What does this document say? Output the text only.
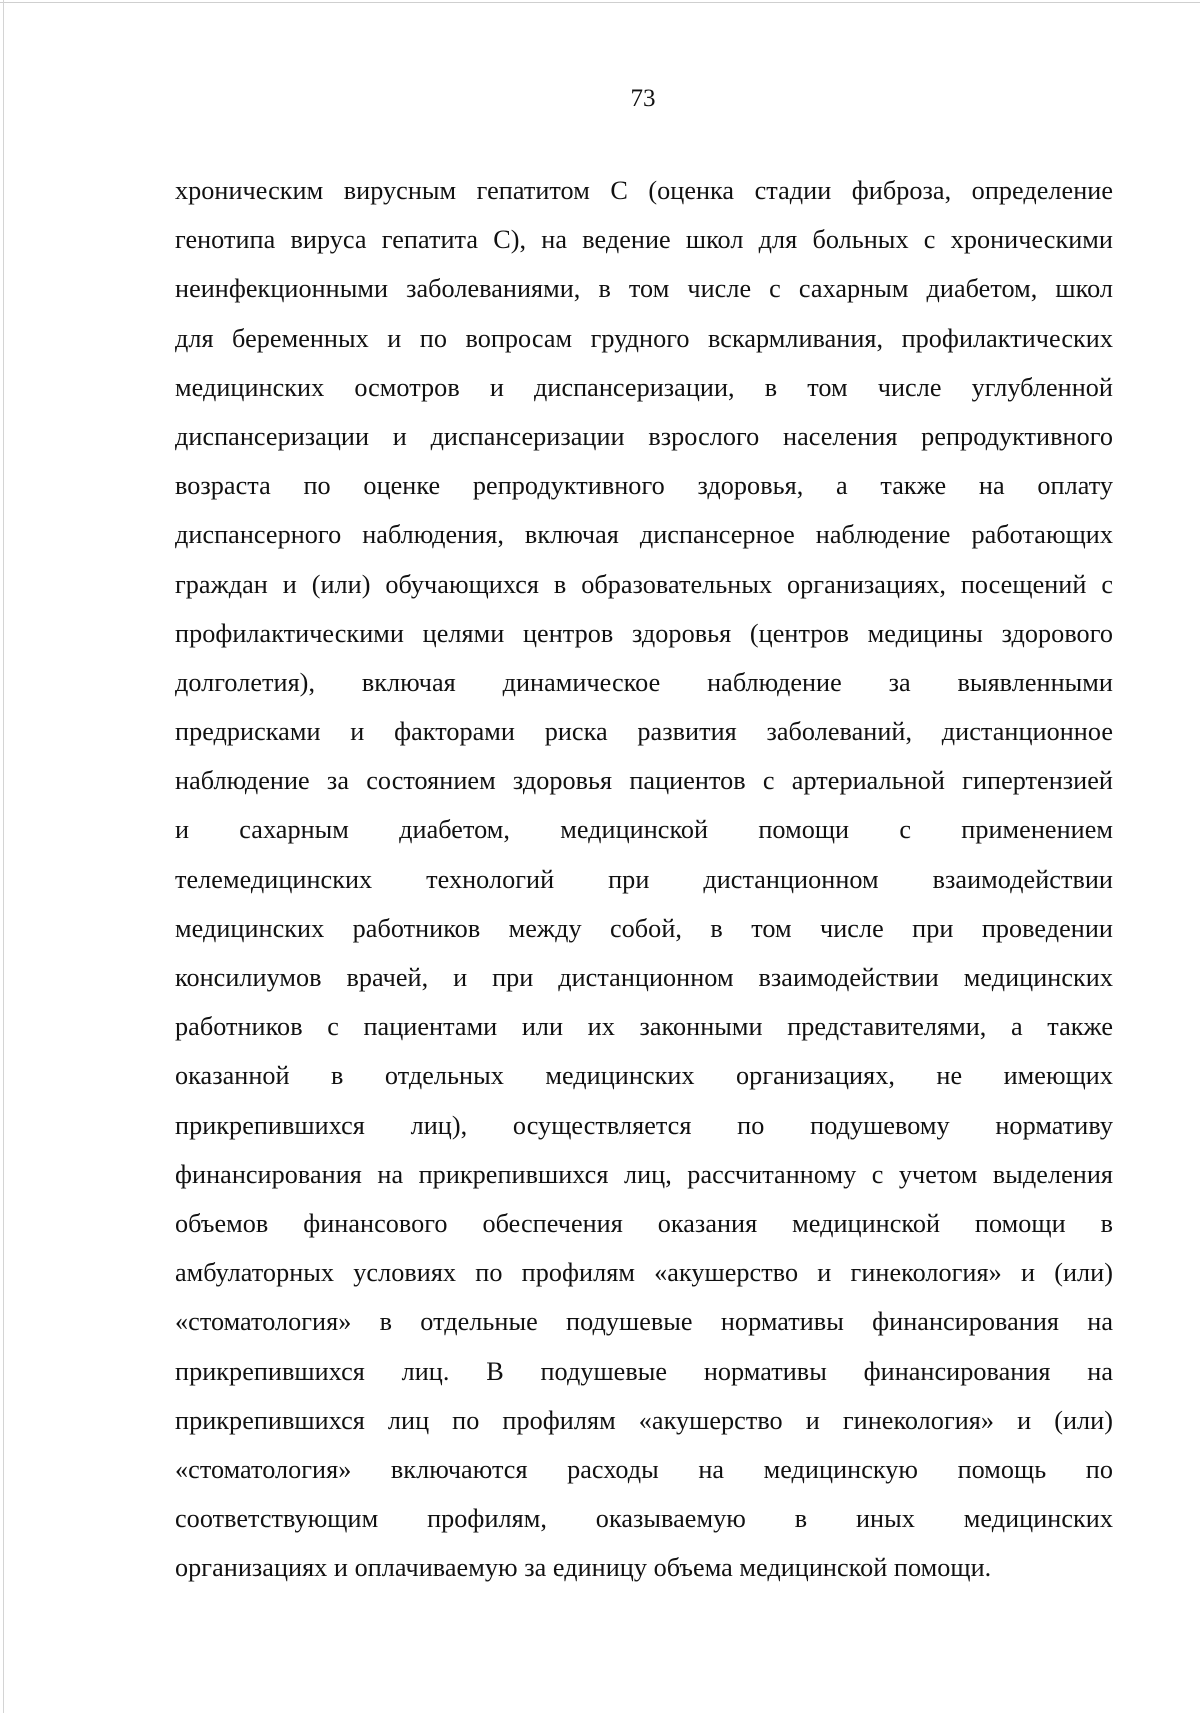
73

хроническим вирусным гепатитом С (оценка стадии фиброза, определение
генотипа вируса гепатита С), на ведение школ для больных с хроническими
неинфекционными заболеваниями, в том числе с сахарным диабетом, школ
для беременных и по вопросам грудного вскармливания, профилактических
медицинских осмотров и диспансеризации, в том числе углубленной
диспансеризации и диспансеризации взрослого населения репродуктивного
возраста по оценке репродуктивного здоровья, а также на оплату
диспансерного наблюдения, включая диспансерное наблюдение работающих
граждан и (или) обучающихся в образовательных организациях, посещений с
профилактическими целями центров здоровья (центров медицины здорового
долголетия), включая динамическое наблюдение за выявленными
предрисками и факторами риска развития заболеваний, дистанционное
наблюдение за состоянием здоровья пациентов с артериальной гипертензией
и сахарным диабетом, медицинской помощи с применением
телемедицинских технологий при дистанционном взаимодействии
медицинских работников между собой, в том числе при проведении
консилиумов врачей, и при дистанционном взаимодействии медицинских
работников с пациентами или их законными представителями, а также
оказанной в отдельных медицинских организациях, не имеющих
прикрепившихся лиц), осуществляется по подушевому нормативу
финансирования на прикрепившихся лиц, рассчитанному с учетом выделения
объемов финансового обеспечения оказания медицинской помощи в
амбулаторных условиях по профилям «акушерство и гинекология» и (или)
«стоматология» в отдельные подушевые нормативы финансирования на
прикрепившихся лиц. В подушевые нормативы финансирования на
прикрепившихся лиц по профилям «акушерство и гинекология» и (или)
«стоматология» включаются расходы на медицинскую помощь по
соответствующим профилям, оказываемую в иных медицинских
организациях и оплачиваемую за единицу объема медицинской помощи.
